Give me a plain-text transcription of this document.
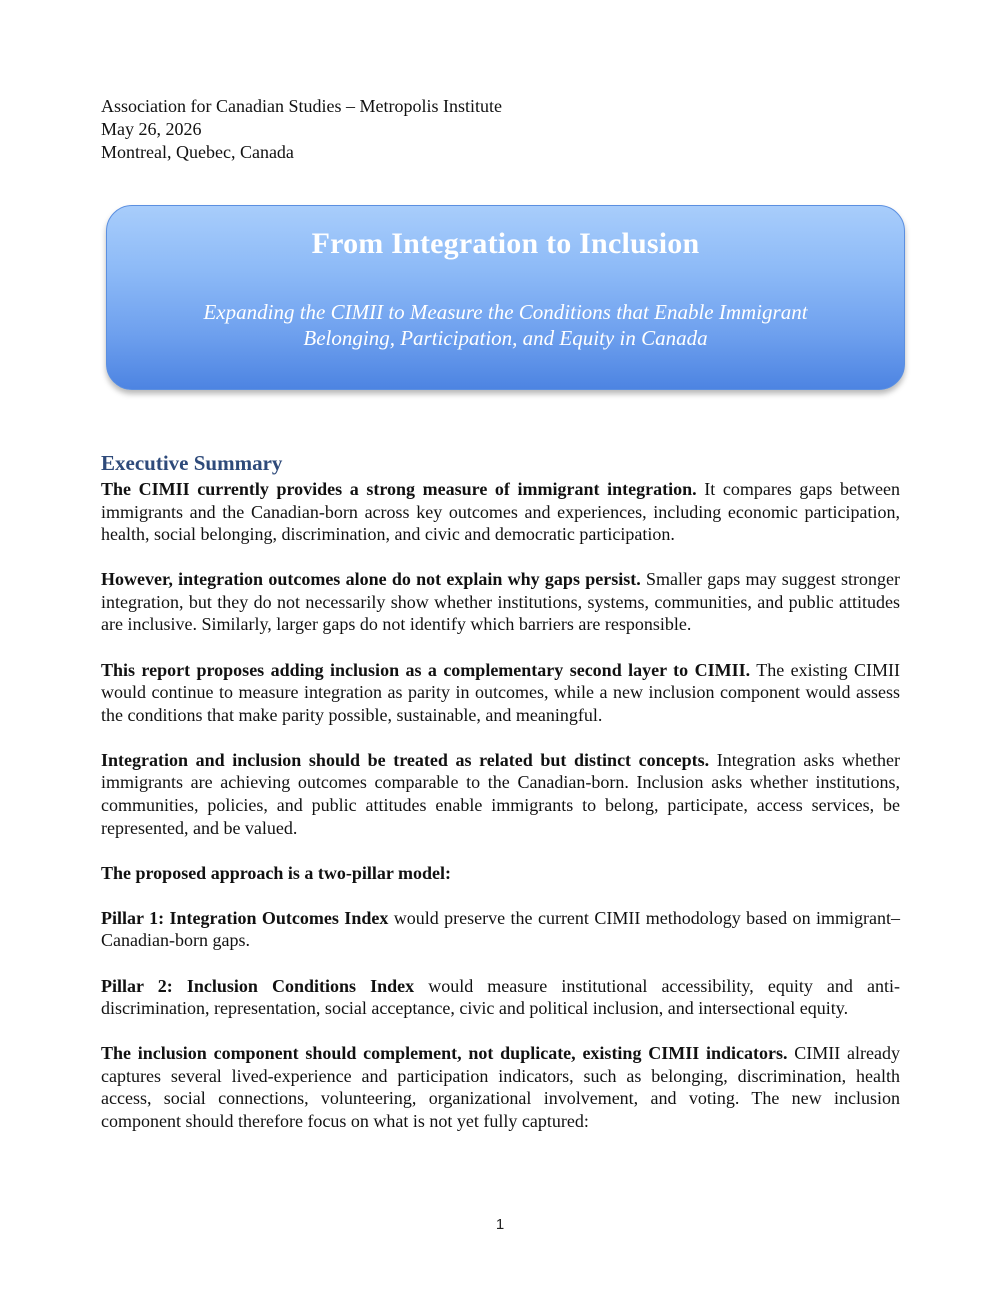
Association for Canadian Studies – Metropolis Institute
May 26, 2026
Montreal, Quebec, Canada
From Integration to Inclusion
Expanding the CIMII to Measure the Conditions that Enable Immigrant
Belonging, Participation, and Equity in Canada
Executive Summary

The CIMII currently provides a strong measure of immigrant integration. It compares gaps between immigrants and the Canadian-born across key outcomes and experiences, including economic participation, health, social belonging, discrimination, and civic and democratic participation.

However, integration outcomes alone do not explain why gaps persist. Smaller gaps may suggest stronger integration, but they do not necessarily show whether institutions, systems, communities, and public attitudes are inclusive. Similarly, larger gaps do not identify which barriers are responsible.

This report proposes adding inclusion as a complementary second layer to CIMII. The existing CIMII would continue to measure integration as parity in outcomes, while a new inclusion component would assess the conditions that make parity possible, sustainable, and meaningful.

Integration and inclusion should be treated as related but distinct concepts. Integration asks whether immigrants are achieving outcomes comparable to the Canadian-born. Inclusion asks whether institutions, communities, policies, and public attitudes enable immigrants to belong, participate, access services, be represented, and be valued.

The proposed approach is a two-pillar model:

Pillar 1: Integration Outcomes Index would preserve the current CIMII methodology based on immigrant–Canadian-born gaps.

Pillar 2: Inclusion Conditions Index would measure institutional accessibility, equity and anti-discrimination, representation, social acceptance, civic and political inclusion, and intersectional equity.

The inclusion component should complement, not duplicate, existing CIMII indicators. CIMII already captures several lived-experience and participation indicators, such as belonging, discrimination, health access, social connections, volunteering, organizational involvement, and voting. The new inclusion component should therefore focus on what is not yet fully captured:

1
